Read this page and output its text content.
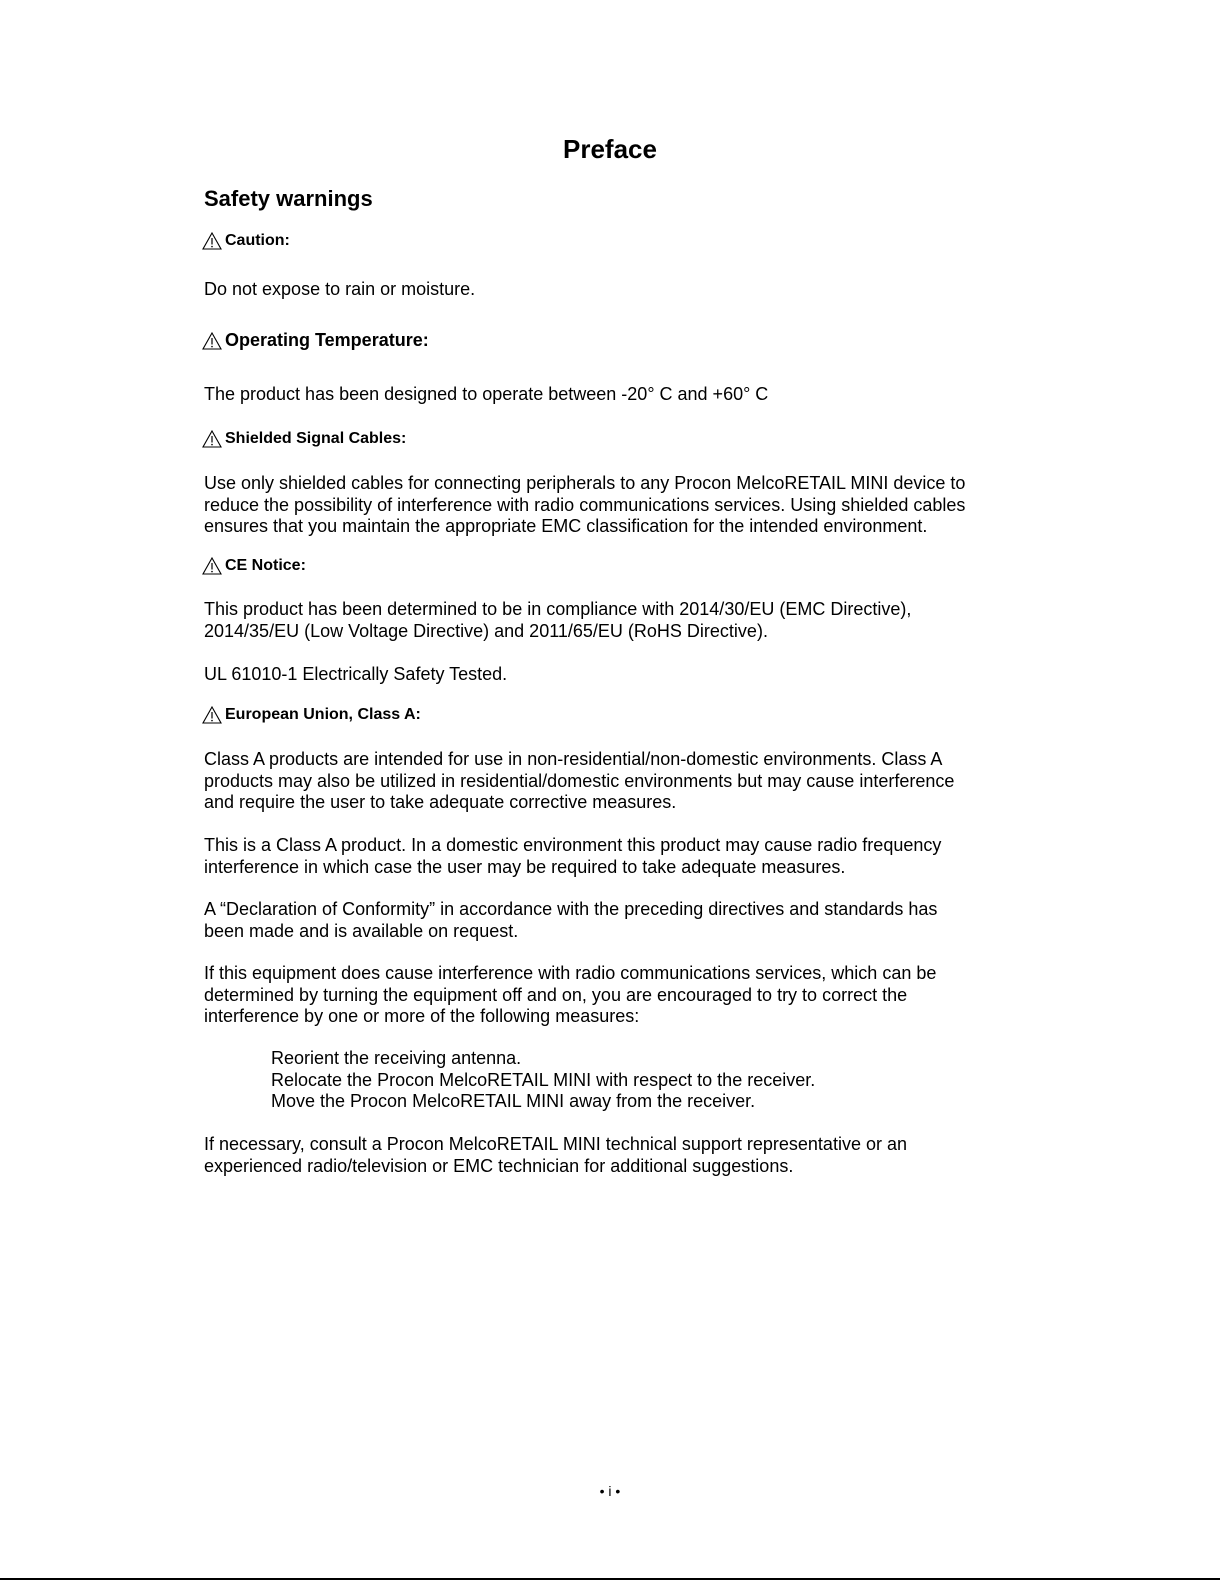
Preface
Safety warnings
Caution:
Do not expose to rain or moisture.
Operating Temperature:
The product has been designed to operate between -20° C and +60° C
Shielded Signal Cables:
Use only shielded cables for connecting peripherals to any Procon MelcoRETAIL MINI device to
reduce the possibility of interference with radio communications services. Using shielded cables
ensures that you maintain the appropriate EMC classification for the intended environment.
CE Notice:
This product has been determined to be in compliance with 2014/30/EU (EMC Directive),
2014/35/EU (Low Voltage Directive) and 2011/65/EU (RoHS Directive).
UL 61010-1 Electrically Safety Tested.
European Union, Class A:
Class A products are intended for use in non-residential/non-domestic environments. Class A
products may also be utilized in residential/domestic environments but may cause interference
and require the user to take adequate corrective measures.
This is a Class A product. In a domestic environment this product may cause radio frequency
interference in which case the user may be required to take adequate measures.
A “Declaration of Conformity” in accordance with the preceding directives and standards has
been made and is available on request.
If this equipment does cause interference with radio communications services, which can be
determined by turning the equipment off and on, you are encouraged to try to correct the
interference by one or more of the following measures:
Reorient the receiving antenna.
Relocate the Procon MelcoRETAIL MINI with respect to the receiver.
Move the Procon MelcoRETAIL MINI away from the receiver.
If necessary, consult a Procon MelcoRETAIL MINI technical support representative or an
experienced radio/television or EMC technician for additional suggestions.
• i •
